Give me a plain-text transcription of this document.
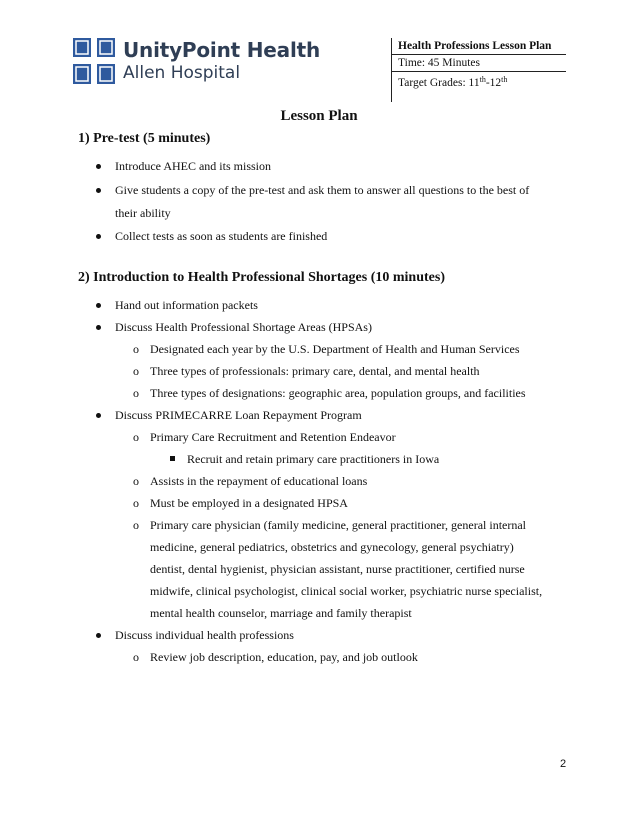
UnityPoint Health
Allen Hospital
Health Professions Lesson Plan
Time: 45 Minutes
Target Grades: 11th-12th
Lesson Plan
1) Pre-test (5 minutes)
Introduce AHEC and its mission
Give students a copy of the pre-test and ask them to answer all questions to the best of
their ability
Collect tests as soon as students are finished
2) Introduction to Health Professional Shortages (10 minutes)
Hand out information packets
Discuss Health Professional Shortage Areas (HPSAs)
o Designated each year by the U.S. Department of Health and Human Services
o Three types of professionals: primary care, dental, and mental health
o Three types of designations: geographic area, population groups, and facilities
Discuss PRIMECARRE Loan Repayment Program
o Primary Care Recruitment and Retention Endeavor
Recruit and retain primary care practitioners in Iowa
o Assists in the repayment of educational loans
o Must be employed in a designated HPSA
o Primary care physician (family medicine, general practitioner, general internal
medicine, general pediatrics, obstetrics and gynecology, general psychiatry)
dentist, dental hygienist, physician assistant, nurse practitioner, certified nurse
midwife, clinical psychologist, clinical social worker, psychiatric nurse specialist,
mental health counselor, marriage and family therapist
Discuss individual health professions
o Review job description, education, pay, and job outlook
2
